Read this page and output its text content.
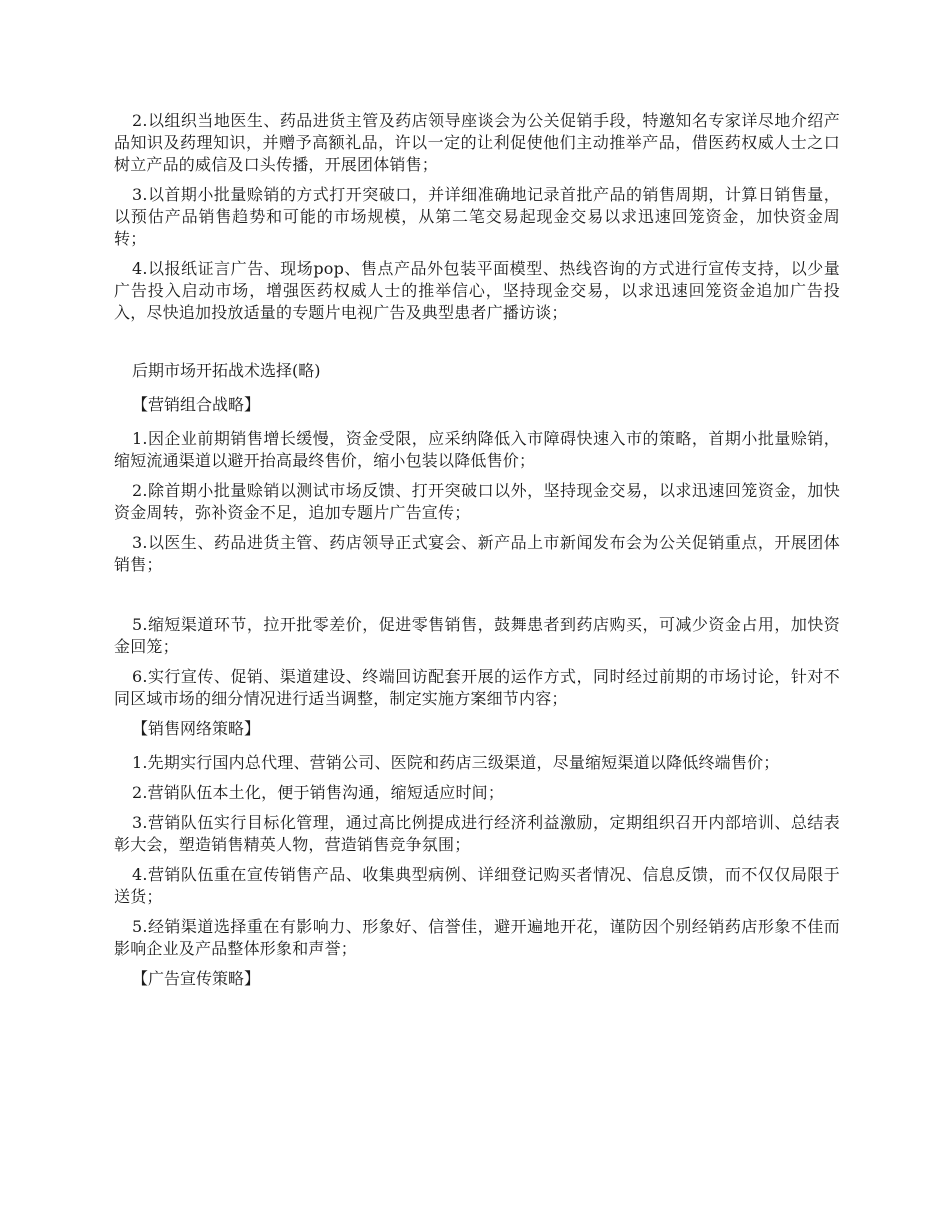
2.以组织当地医生、药品进货主管及药店领导座谈会为公关促销手段，特邀知名专家详尽地介绍产品知识及药理知识，并赠予高额礼品，许以一定的让利促使他们主动推举产品，借医药权威人士之口树立产品的威信及口头传播，开展团体销售；

3.以首期小批量赊销的方式打开突破口，并详细准确地记录首批产品的销售周期，计算日销售量，以预估产品销售趋势和可能的市场规模，从第二笔交易起现金交易以求迅速回笼资金，加快资金周转；

4.以报纸证言广告、现场pop、售点产品外包装平面模型、热线咨询的方式进行宣传支持，以少量广告投入启动市场，增强医药权威人士的推举信心，坚持现金交易，以求迅速回笼资金追加广告投入，尽快追加投放适量的专题片电视广告及典型患者广播访谈；

后期市场开拓战术选择(略)

【营销组合战略】

1.因企业前期销售增长缓慢，资金受限，应采纳降低入市障碍快速入市的策略，首期小批量赊销，缩短流通渠道以避开抬高最终售价，缩小包装以降低售价；

2.除首期小批量赊销以测试市场反馈、打开突破口以外，坚持现金交易，以求迅速回笼资金，加快资金周转，弥补资金不足，追加专题片广告宣传；

3.以医生、药品进货主管、药店领导正式宴会、新产品上市新闻发布会为公关促销重点，开展团体销售；

5.缩短渠道环节，拉开批零差价，促进零售销售，鼓舞患者到药店购买，可减少资金占用，加快资金回笼；

6.实行宣传、促销、渠道建设、终端回访配套开展的运作方式，同时经过前期的市场讨论，针对不同区域市场的细分情况进行适当调整，制定实施方案细节内容；

【销售网络策略】

1.先期实行国内总代理、营销公司、医院和药店三级渠道，尽量缩短渠道以降低终端售价；

2.营销队伍本土化，便于销售沟通，缩短适应时间；

3.营销队伍实行目标化管理，通过高比例提成进行经济利益激励，定期组织召开内部培训、总结表彰大会，塑造销售精英人物，营造销售竞争氛围；

4.营销队伍重在宣传销售产品、收集典型病例、详细登记购买者情况、信息反馈，而不仅仅局限于送货；

5.经销渠道选择重在有影响力、形象好、信誉佳，避开遍地开花，谨防因个别经销药店形象不佳而影响企业及产品整体形象和声誉；

【广告宣传策略】
